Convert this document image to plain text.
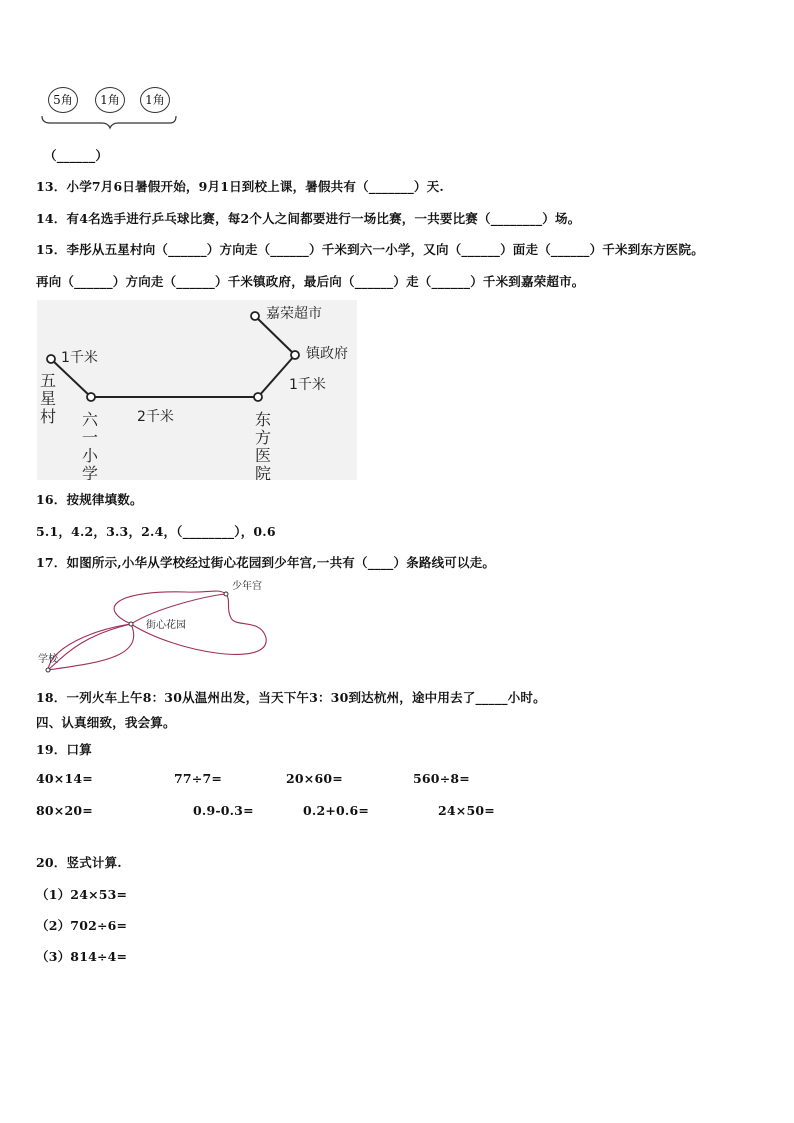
5角	1角	1角
（______）
13．小学7月6日暑假开始，9月1日到校上课，暑假共有（_______）天.
14．有4名选手进行乒乓球比赛，每2个人之间都要进行一场比赛，一共要比赛（________）场。
15．李彤从五星村向（______）方向走（______）千米到六一小学，又向（______）面走（______）千米到东方医院。
再向（______）方向走（______）千米镇政府，最后向（______）走（______）千米到嘉荣超市。
嘉荣超市
镇政府
1千米
1千米
2千米
五
星
村 六
一
小
学
东
方
医
院
16．按规律填数。
5.1，4.2，3.3，2.4，（________），0.6
17．如图所示,小华从学校经过街心花园到少年宫,一共有（____）条路线可以走。
少年宫
街心花园
学校
18．一列火车上午8：30从温州出发，当天下午3：30到达杭州，途中用去了_____小时。
四、认真细致，我会算。
19．口算
40×14=	77÷7=	20×60=	560÷8=
80×20=	0.9-0.3=	0.2+0.6=	24×50=
20．竖式计算.
（1）24×53=
（2）702÷6=
（3）814÷4=
